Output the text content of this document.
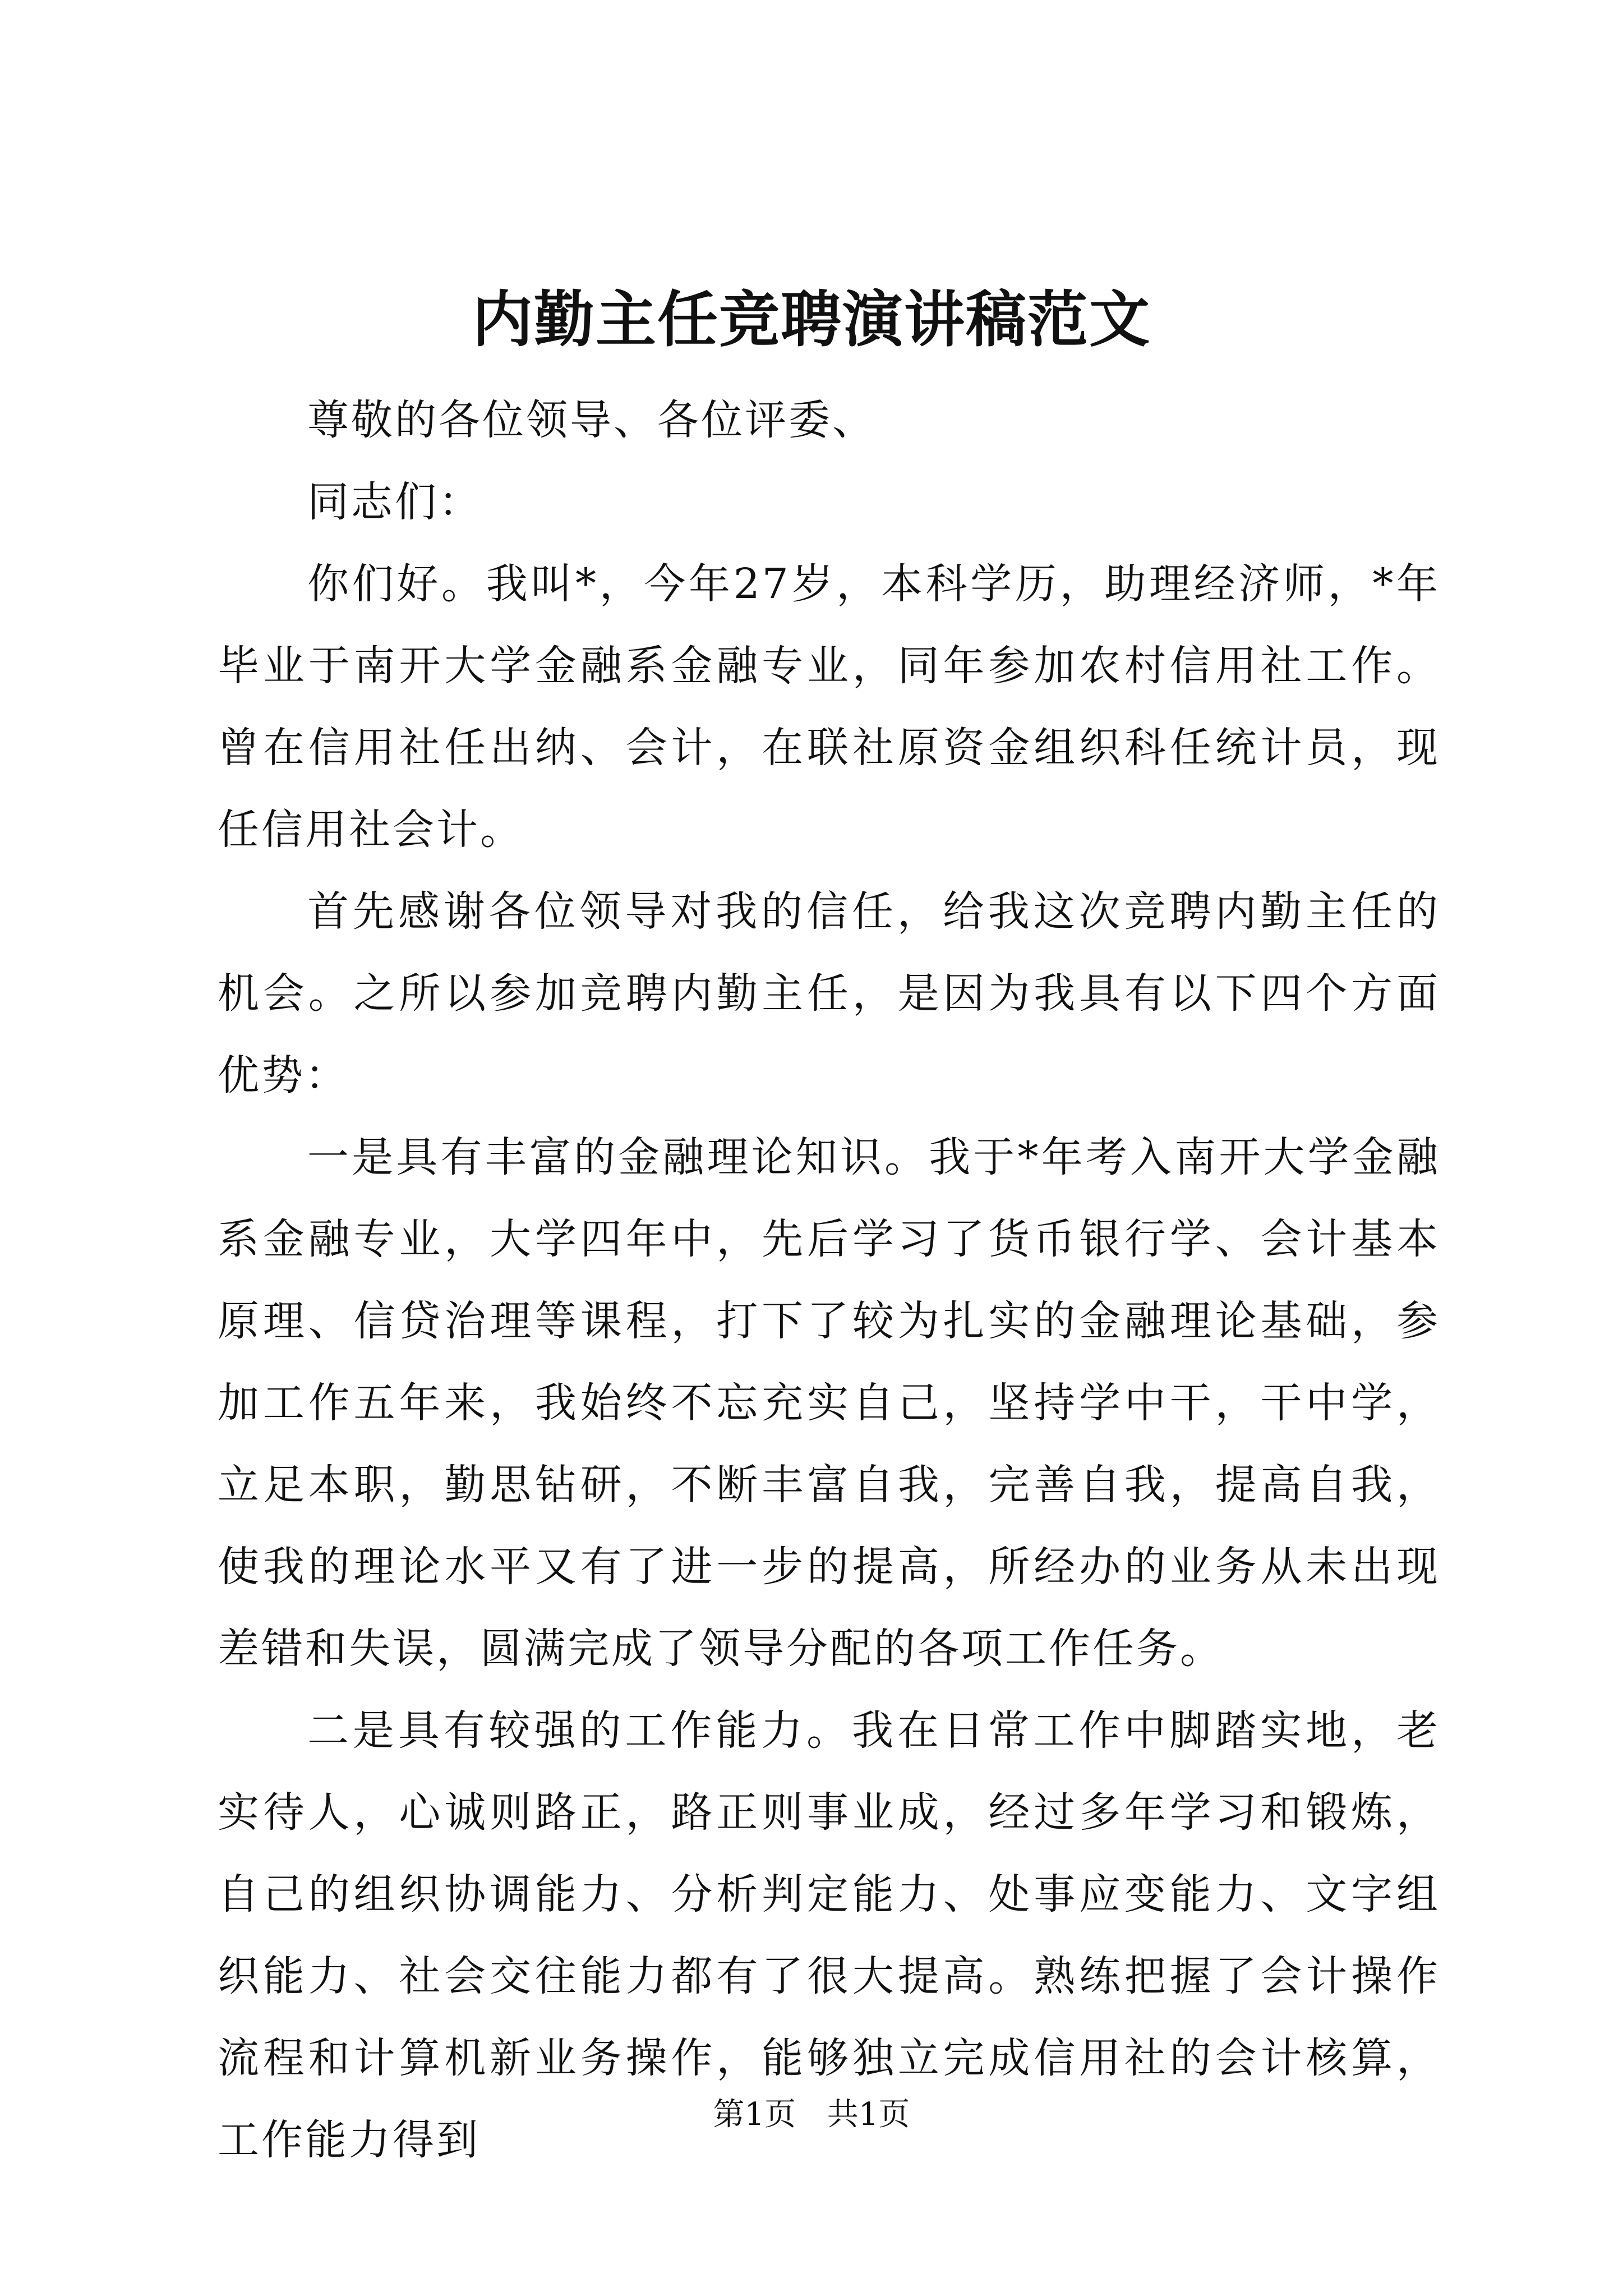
内勤主任竞聘演讲稿范文

尊敬的各位领导、各位评委、

同志们：

你们好。我叫*，今年27岁，本科学历，助理经济师，*年毕业于南开大学金融系金融专业，同年参加农村信用社工作。曾在信用社任出纳、会计，在联社原资金组织科任统计员，现任信用社会计。

首先感谢各位领导对我的信任，给我这次竞聘内勤主任的机会。之所以参加竞聘内勤主任，是因为我具有以下四个方面优势：

一是具有丰富的金融理论知识。我于*年考入南开大学金融系金融专业，大学四年中，先后学习了货币银行学、会计基本原理、信贷治理等课程，打下了较为扎实的金融理论基础，参加工作五年来，我始终不忘充实自己，坚持学中干，干中学，立足本职，勤思钻研，不断丰富自我，完善自我，提高自我，使我的理论水平又有了进一步的提高，所经办的业务从未出现差错和失误，圆满完成了领导分配的各项工作任务。

二是具有较强的工作能力。我在日常工作中脚踏实地，老实待人，心诚则路正，路正则事业成，经过多年学习和锻炼，自己的组织协调能力、分析判定能力、处事应变能力、文字组织能力、社会交往能力都有了很大提高。熟练把握了会计操作流程和计算机新业务操作，能够独立完成信用社的会计核算，工作能力得到

第1页 共1页
